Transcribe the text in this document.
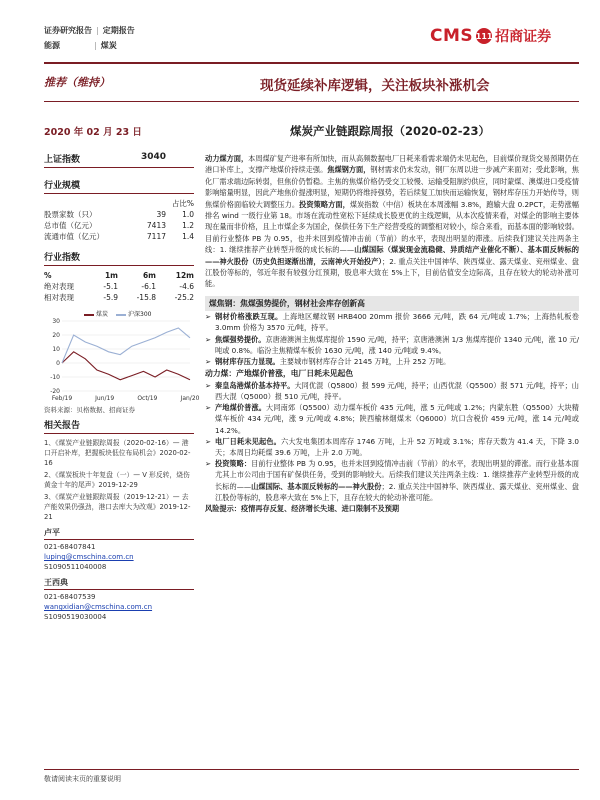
证券研究报告 | 定期报告
能源	| 煤炭	CMS 111 招商证券
推荐（维持）	现货延续补库逻辑，关注板块补涨机会
2020 年 02 月 23 日	煤炭产业链跟踪周报（2020-02-23）
上证指数	3040
行业规模
占比%
股票家数（只）	39	1.0
总市值（亿元）	7413	1.2
流通市值（亿元）	7117	1.4
行业指数
%	1m	6m	12m
绝对表现	-5.1	-6.1	-4.6
相对表现	-5.9	-15.8	-25.2
煤炭	沪深300
30
20
10
0
-10
-20
Feb/19	Jun/19	Oct/19	Jan/20
资料来源：贝格数据、招商证券
相关报告
1、《煤炭产业链跟踪周报（2020-02-16）— 港口开启补库，把握板块低位布局机会》2020-02-16
2、《煤炭板块十年复盘（一）— V 形反转，烧伤黄金十年的尾声》2019-12-29
3、《煤炭产业链跟踪周报（2019-12-21）— 去产能效果仍强劲，港口去库大为改观》2019-12-21
卢平
021-68407841
luping@cmschina.com.cn
S1090511040008
王西典
021-68407539
wangxidian@cmschina.com.cn
S1090519030004

动力煤方面，本周煤矿复产进率有所加快，而从高频数据电厂日耗来看需求端仍未见起色，目前煤价现货交易预期仍在港口补库上，支撑产地煤价持续走强。焦煤钢方面，钢材需求仍未发动，钢厂东周以进一步减产来面对；受此影响，焦化厂需求端边际转弱，但焦价仍暂稳。主焦的焦煤价格仍受交工较慢、运输受阻制约供应，同时蒙煤、澳煤进口受疫情影响缩量明显，因此产地焦价提涨明显，短期仍将维持强势，若后续复工加快而运输恢复，钢材库存压力开始传导，则焦煤价格面临较大调整压力。投资策略方面，煤炭指数（中信）板块在本周涨幅 3.8%，跑输大盘 0.2PCT，走势涨幅排名 wind 一级行业第 18。市场在流动性宽松下延续成长股更优的主线逻辑，从本次疫情来看，对煤企的影响主要体现在量而非价格，且上市煤企多为国企，保供任务下生产经营受疫的调整相对较小，综合来看，而基本面的影响较弱。目前行业整体 PB 为 0.95，也并未回到疫情冲击前（节前）的水平，表现出明显的滞涨。后续我们建议关注两条主线：1. 继续推荐产业转型升级的成长标的——山煤国际（煤炭现金流稳健、异质结产业催化不断）、基本面反转标的——神火股份（历史负担逐渐出清，云南神火开始投产）；2. 重点关注中国神华、陕西煤业、露天煤业、兖州煤业、盘江股份等标的，邻近年报有较强分红预期，股息率大致在 5%上下，目前估值安全边际高，且存在较大的轮动补涨可能。

煤焦钢：焦煤强势提价，钢材社会库存创新高
➢ 钢材价格涨跌互现。上海地区螺纹钢 HRB400 20mm 报价 3666 元/吨，跌 64 元/吨或 1.7%；上海热轧板卷 3.0mm 价格为 3570 元/吨，持平。
➢ 焦煤强势提价。京唐港澳洲主焦煤库提价 1590 元/吨，持平；京唐港澳洲 1/3 焦煤库提价 1340 元/吨，涨 10 元/吨或 0.8%。临汾主焦精煤车板价 1630 元/吨，涨 140 元/吨或 9.4%。
➢ 钢材库存压力显现。主要城市钢材库存合计 2145 万吨，上升 252 万吨。
动力煤：产地煤价普涨，电厂日耗未见起色
➢ 秦皇岛港煤价基本持平。大同优混（Q5800）报 599 元/吨，持平；山西优混（Q5500）报 571 元/吨，持平；山西大混（Q5000）报 510 元/吨，持平。
➢ 产地煤价普涨。大同南郊（Q5500）动力煤车板价 435 元/吨，涨 5 元/吨或 1.2%；内蒙东胜（Q5500）大块精煤车板价 434 元/吨，涨 9 元/吨或 4.8%；陕西榆林烟煤末（Q6000）坑口含税价 459 元/吨，涨 14 元/吨或 14.2%。
➢ 电厂日耗未见起色。六大发电集团本周库存 1746 万吨，上升 52 万吨或 3.1%；库存天数为 41.4 天，下降 3.0 天；本周日均耗煤 39.6 万吨，上升 2.0 万吨。
➢ 投资策略：目前行业整体 PB 为 0.95，也并未回到疫情冲击前（节前）的水平，表现出明显的滞涨。而行业基本面尤其上市公司由于国有矿保供任务，受到的影响较大。后续我们建议关注两条主线：1. 继续推荐产业转型升级的成长标的——山煤国际、基本面反转标的——神火股份；2. 重点关注中国神华、陕西煤业、露天煤业、兖州煤业、盘江股份等标的，股息率大致在 5%上下，且存在较大的轮动补涨可能。
风险提示：疫情再存反复、经济增长失速、进口限制不及预期
敬请阅读末页的重要说明
